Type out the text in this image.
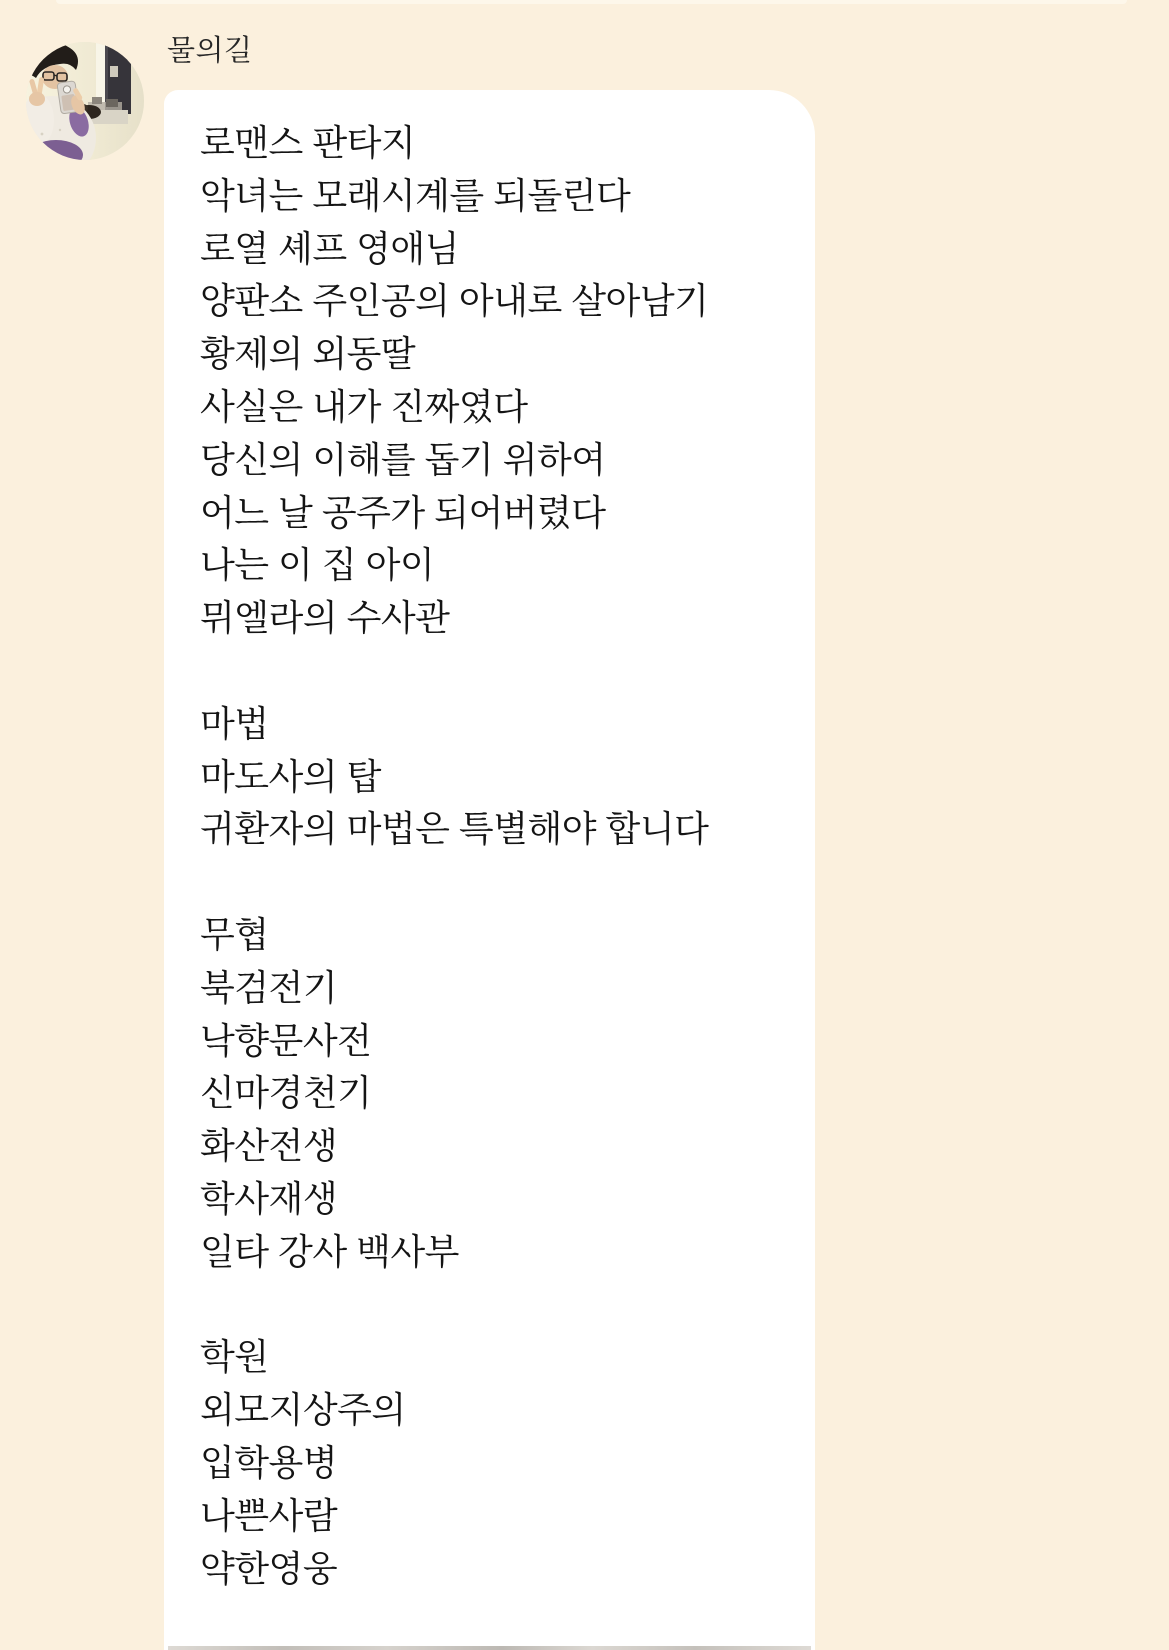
물의길
로맨스 판타지
악녀는 모래시계를 되돌린다
로열 셰프 영애님
양판소 주인공의 아내로 살아남기
황제의 외동딸
사실은 내가 진짜였다
당신의 이해를 돕기 위하여
어느 날 공주가 되어버렸다
나는 이 집 아이
뮈엘라의 수사관

마법
마도사의 탑
귀환자의 마법은 특별해야 합니다

무협
북검전기
낙향문사전
신마경천기
화산전생
학사재생
일타 강사 백사부

학원
외모지상주의
입학용병
나쁜사람
약한영웅
